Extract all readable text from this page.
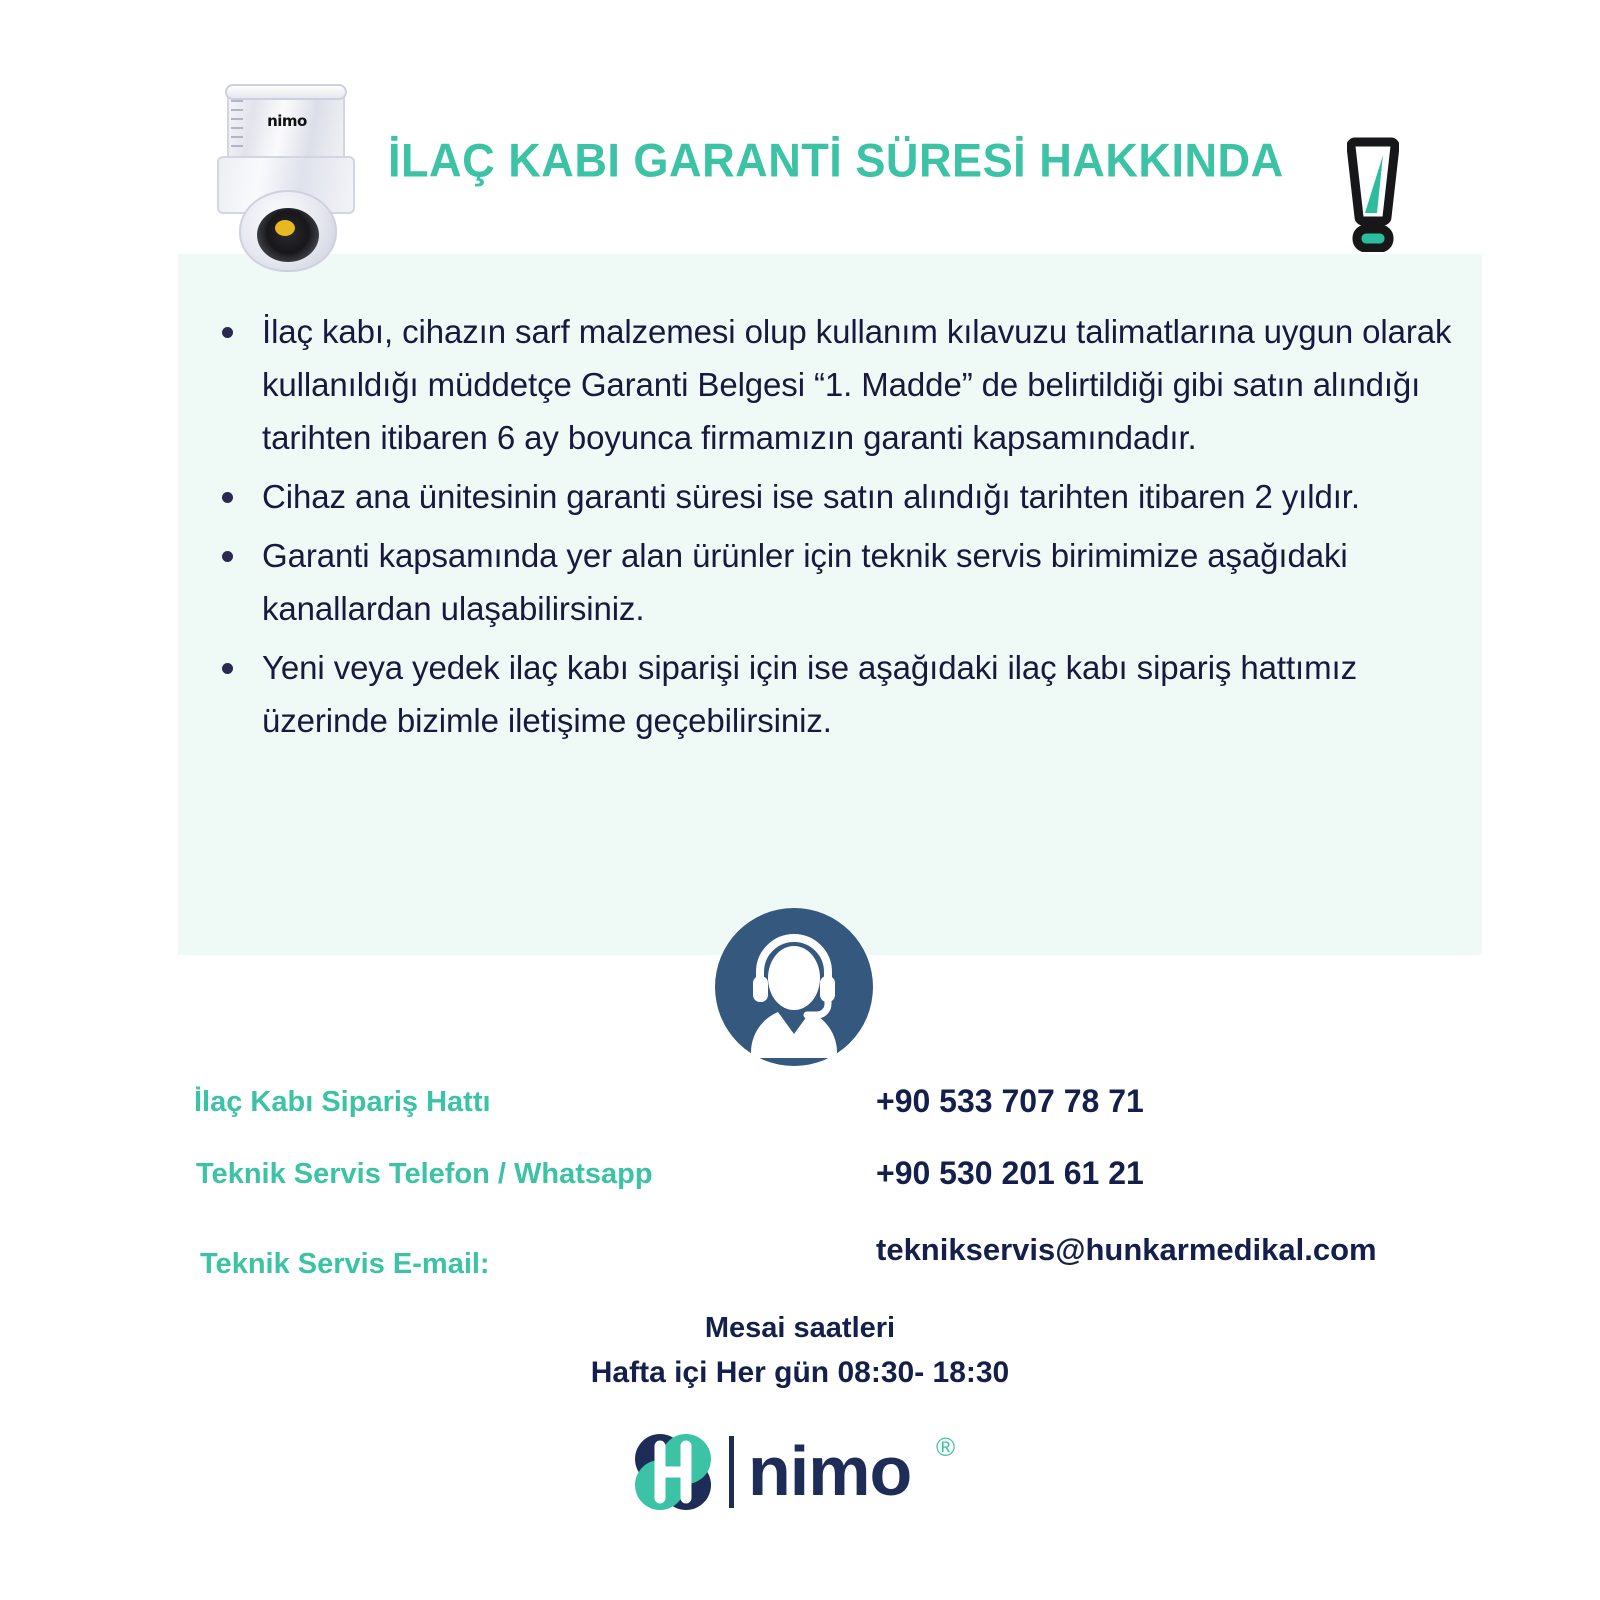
nimo
İLAÇ KABI GARANTİ SÜRESİ HAKKINDA
İlaç kabı, cihazın sarf malzemesi olup kullanım kılavuzu talimatlarına uygun olarak kullanıldığı müddetçe Garanti Belgesi “1. Madde” de belirtildiği gibi satın alındığı tarihten itibaren 6 ay boyunca firmamızın garanti kapsamındadır.
Cihaz ana ünitesinin garanti süresi ise satın alındığı tarihten itibaren 2 yıldır.
Garanti kapsamında yer alan ürünler için teknik servis birimimize aşağıdaki kanallardan ulaşabilirsiniz.
Yeni veya yedek ilaç kabı siparişi için ise aşağıdaki ilaç kabı sipariş hattımız üzerinde bizimle iletişime geçebilirsiniz.
İlaç Kabı Sipariş Hattı	+90 533 707 78 71
Teknik Servis Telefon / Whatsapp	+90 530 201 61 21
Teknik Servis E-mail:	teknikservis@hunkarmedikal.com
Mesai saatleri
Hafta içi Her gün 08:30- 18:30
nimo ®
